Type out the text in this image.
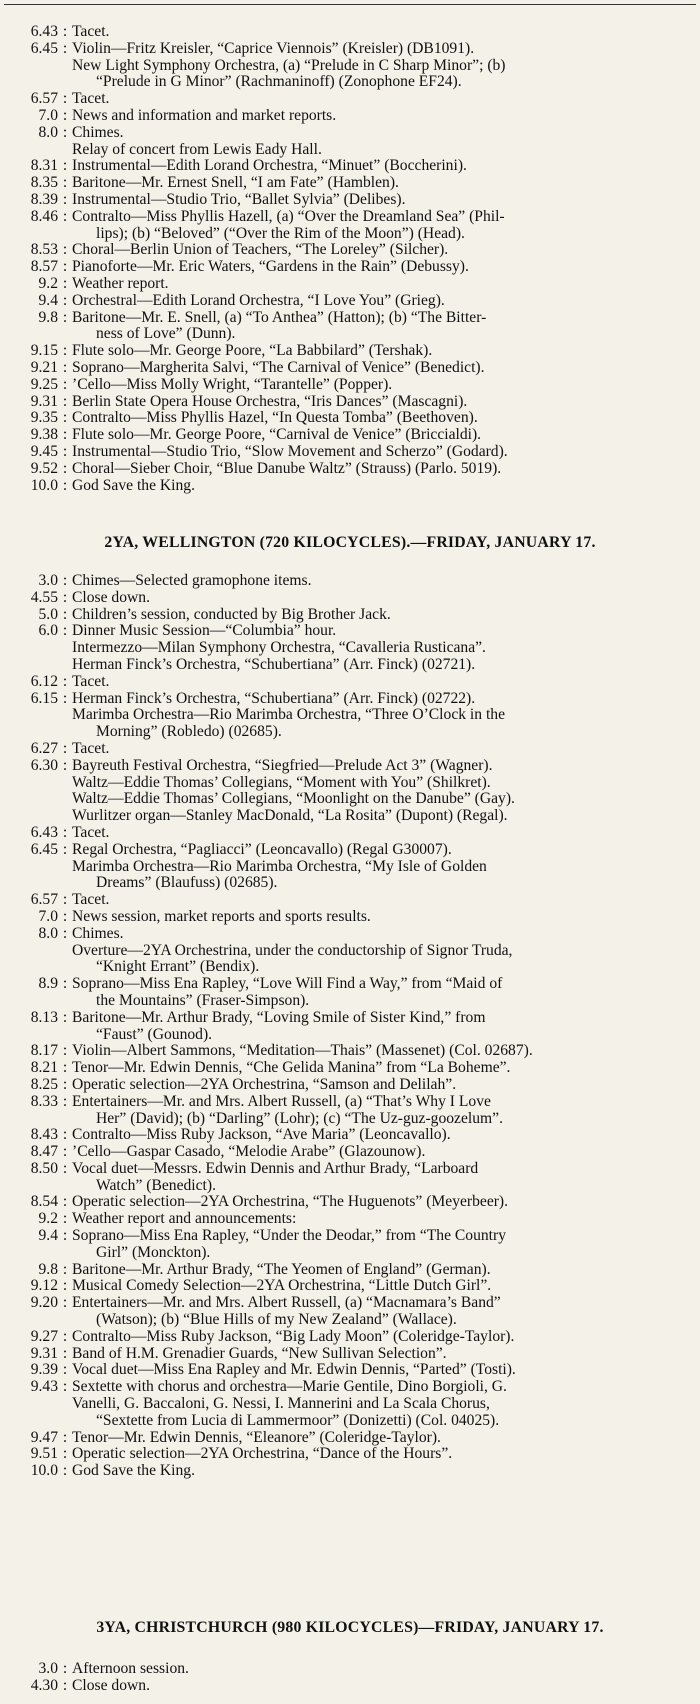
6.43 : Tacet.
6.45 : Violin—Fritz Kreisler, “Caprice Viennois” (Kreisler) (DB1091).
New Light Symphony Orchestra, (a) “Prelude in C Sharp Minor”; (b)
“Prelude in G Minor” (Rachmaninoff) (Zonophone EF24).
6.57 : Tacet.
7.0 : News and information and market reports.
8.0 : Chimes.
Relay of concert from Lewis Eady Hall.
8.31 : Instrumental—Edith Lorand Orchestra, “Minuet” (Boccherini).
8.35 : Baritone—Mr. Ernest Snell, “I am Fate” (Hamblen).
8.39 : Instrumental—Studio Trio, “Ballet Sylvia” (Delibes).
8.46 : Contralto—Miss Phyllis Hazell, (a) “Over the Dreamland Sea” (Phil-
lips); (b) “Beloved” (“Over the Rim of the Moon”) (Head).
8.53 : Choral—Berlin Union of Teachers, “The Loreley” (Silcher).
8.57 : Pianoforte—Mr. Eric Waters, “Gardens in the Rain” (Debussy).
9.2 : Weather report.
9.4 : Orchestral—Edith Lorand Orchestra, “I Love You” (Grieg).
9.8 : Baritone—Mr. E. Snell, (a) “To Anthea” (Hatton); (b) “The Bitter-
ness of Love” (Dunn).
9.15 : Flute solo—Mr. George Poore, “La Babbilard” (Tershak).
9.21 : Soprano—Margherita Salvi, “The Carnival of Venice” (Benedict).
9.25 : ’Cello—Miss Molly Wright, “Tarantelle” (Popper).
9.31 : Berlin State Opera House Orchestra, “Iris Dances” (Mascagni).
9.35 : Contralto—Miss Phyllis Hazel, “In Questa Tomba” (Beethoven).
9.38 : Flute solo—Mr. George Poore, “Carnival de Venice” (Briccialdi).
9.45 : Instrumental—Studio Trio, “Slow Movement and Scherzo” (Godard).
9.52 : Choral—Sieber Choir, “Blue Danube Waltz” (Strauss) (Parlo. 5019).
10.0 : God Save the King.
2YA, WELLINGTON (720 KILOCYCLES).—FRIDAY, JANUARY 17.
3.0 : Chimes—Selected gramophone items.
4.55 : Close down.
5.0 : Children’s session, conducted by Big Brother Jack.
6.0 : Dinner Music Session—“Columbia” hour.
Intermezzo—Milan Symphony Orchestra, “Cavalleria Rusticana”.
Herman Finck’s Orchestra, “Schubertiana” (Arr. Finck) (02721).
6.12 : Tacet.
6.15 : Herman Finck’s Orchestra, “Schubertiana” (Arr. Finck) (02722).
Marimba Orchestra—Rio Marimba Orchestra, “Three O’Clock in the
Morning” (Robledo) (02685).
6.27 : Tacet.
6.30 : Bayreuth Festival Orchestra, “Siegfried—Prelude Act 3” (Wagner).
Waltz—Eddie Thomas’ Collegians, “Moment with You” (Shilkret).
Waltz—Eddie Thomas’ Collegians, “Moonlight on the Danube” (Gay).
Wurlitzer organ—Stanley MacDonald, “La Rosita” (Dupont) (Regal).
6.43 : Tacet.
6.45 : Regal Orchestra, “Pagliacci” (Leoncavallo) (Regal G30007).
Marimba Orchestra—Rio Marimba Orchestra, “My Isle of Golden
Dreams” (Blaufuss) (02685).
6.57 : Tacet.
7.0 : News session, market reports and sports results.
8.0 : Chimes.
Overture—2YA Orchestrina, under the conductorship of Signor Truda,
“Knight Errant” (Bendix).
8.9 : Soprano—Miss Ena Rapley, “Love Will Find a Way,” from “Maid of
the Mountains” (Fraser-Simpson).
8.13 : Baritone—Mr. Arthur Brady, “Loving Smile of Sister Kind,” from
“Faust” (Gounod).
8.17 : Violin—Albert Sammons, “Meditation—Thais” (Massenet) (Col. 02687).
8.21 : Tenor—Mr. Edwin Dennis, “Che Gelida Manina” from “La Boheme”.
8.25 : Operatic selection—2YA Orchestrina, “Samson and Delilah”.
8.33 : Entertainers—Mr. and Mrs. Albert Russell, (a) “That’s Why I Love
Her” (David); (b) “Darling” (Lohr); (c) “The Uz-guz-goozelum”.
8.43 : Contralto—Miss Ruby Jackson, “Ave Maria” (Leoncavallo).
8.47 : ’Cello—Gaspar Casado, “Melodie Arabe” (Glazounow).
8.50 : Vocal duet—Messrs. Edwin Dennis and Arthur Brady, “Larboard
Watch” (Benedict).
8.54 : Operatic selection—2YA Orchestrina, “The Huguenots” (Meyerbeer).
9.2 : Weather report and announcements:
9.4 : Soprano—Miss Ena Rapley, “Under the Deodar,” from “The Country
Girl” (Monckton).
9.8 : Baritone—Mr. Arthur Brady, “The Yeomen of England” (German).
9.12 : Musical Comedy Selection—2YA Orchestrina, “Little Dutch Girl”.
9.20 : Entertainers—Mr. and Mrs. Albert Russell, (a) “Macnamara’s Band”
(Watson); (b) “Blue Hills of my New Zealand” (Wallace).
9.27 : Contralto—Miss Ruby Jackson, “Big Lady Moon” (Coleridge-Taylor).
9.31 : Band of H.M. Grenadier Guards, “New Sullivan Selection”.
9.39 : Vocal duet—Miss Ena Rapley and Mr. Edwin Dennis, “Parted” (Tosti).
9.43 : Sextette with chorus and orchestra—Marie Gentile, Dino Borgioli, G.
Vanelli, G. Baccaloni, G. Nessi, I. Mannerini and La Scala Chorus,
“Sextette from Lucia di Lammermoor” (Donizetti) (Col. 04025).
9.47 : Tenor—Mr. Edwin Dennis, “Eleanore” (Coleridge-Taylor).
9.51 : Operatic selection—2YA Orchestrina, “Dance of the Hours”.
10.0 : God Save the King.
3YA, CHRISTCHURCH (980 KILOCYCLES)—FRIDAY, JANUARY 17.
3.0 : Afternoon session.
4.30 : Close down.
